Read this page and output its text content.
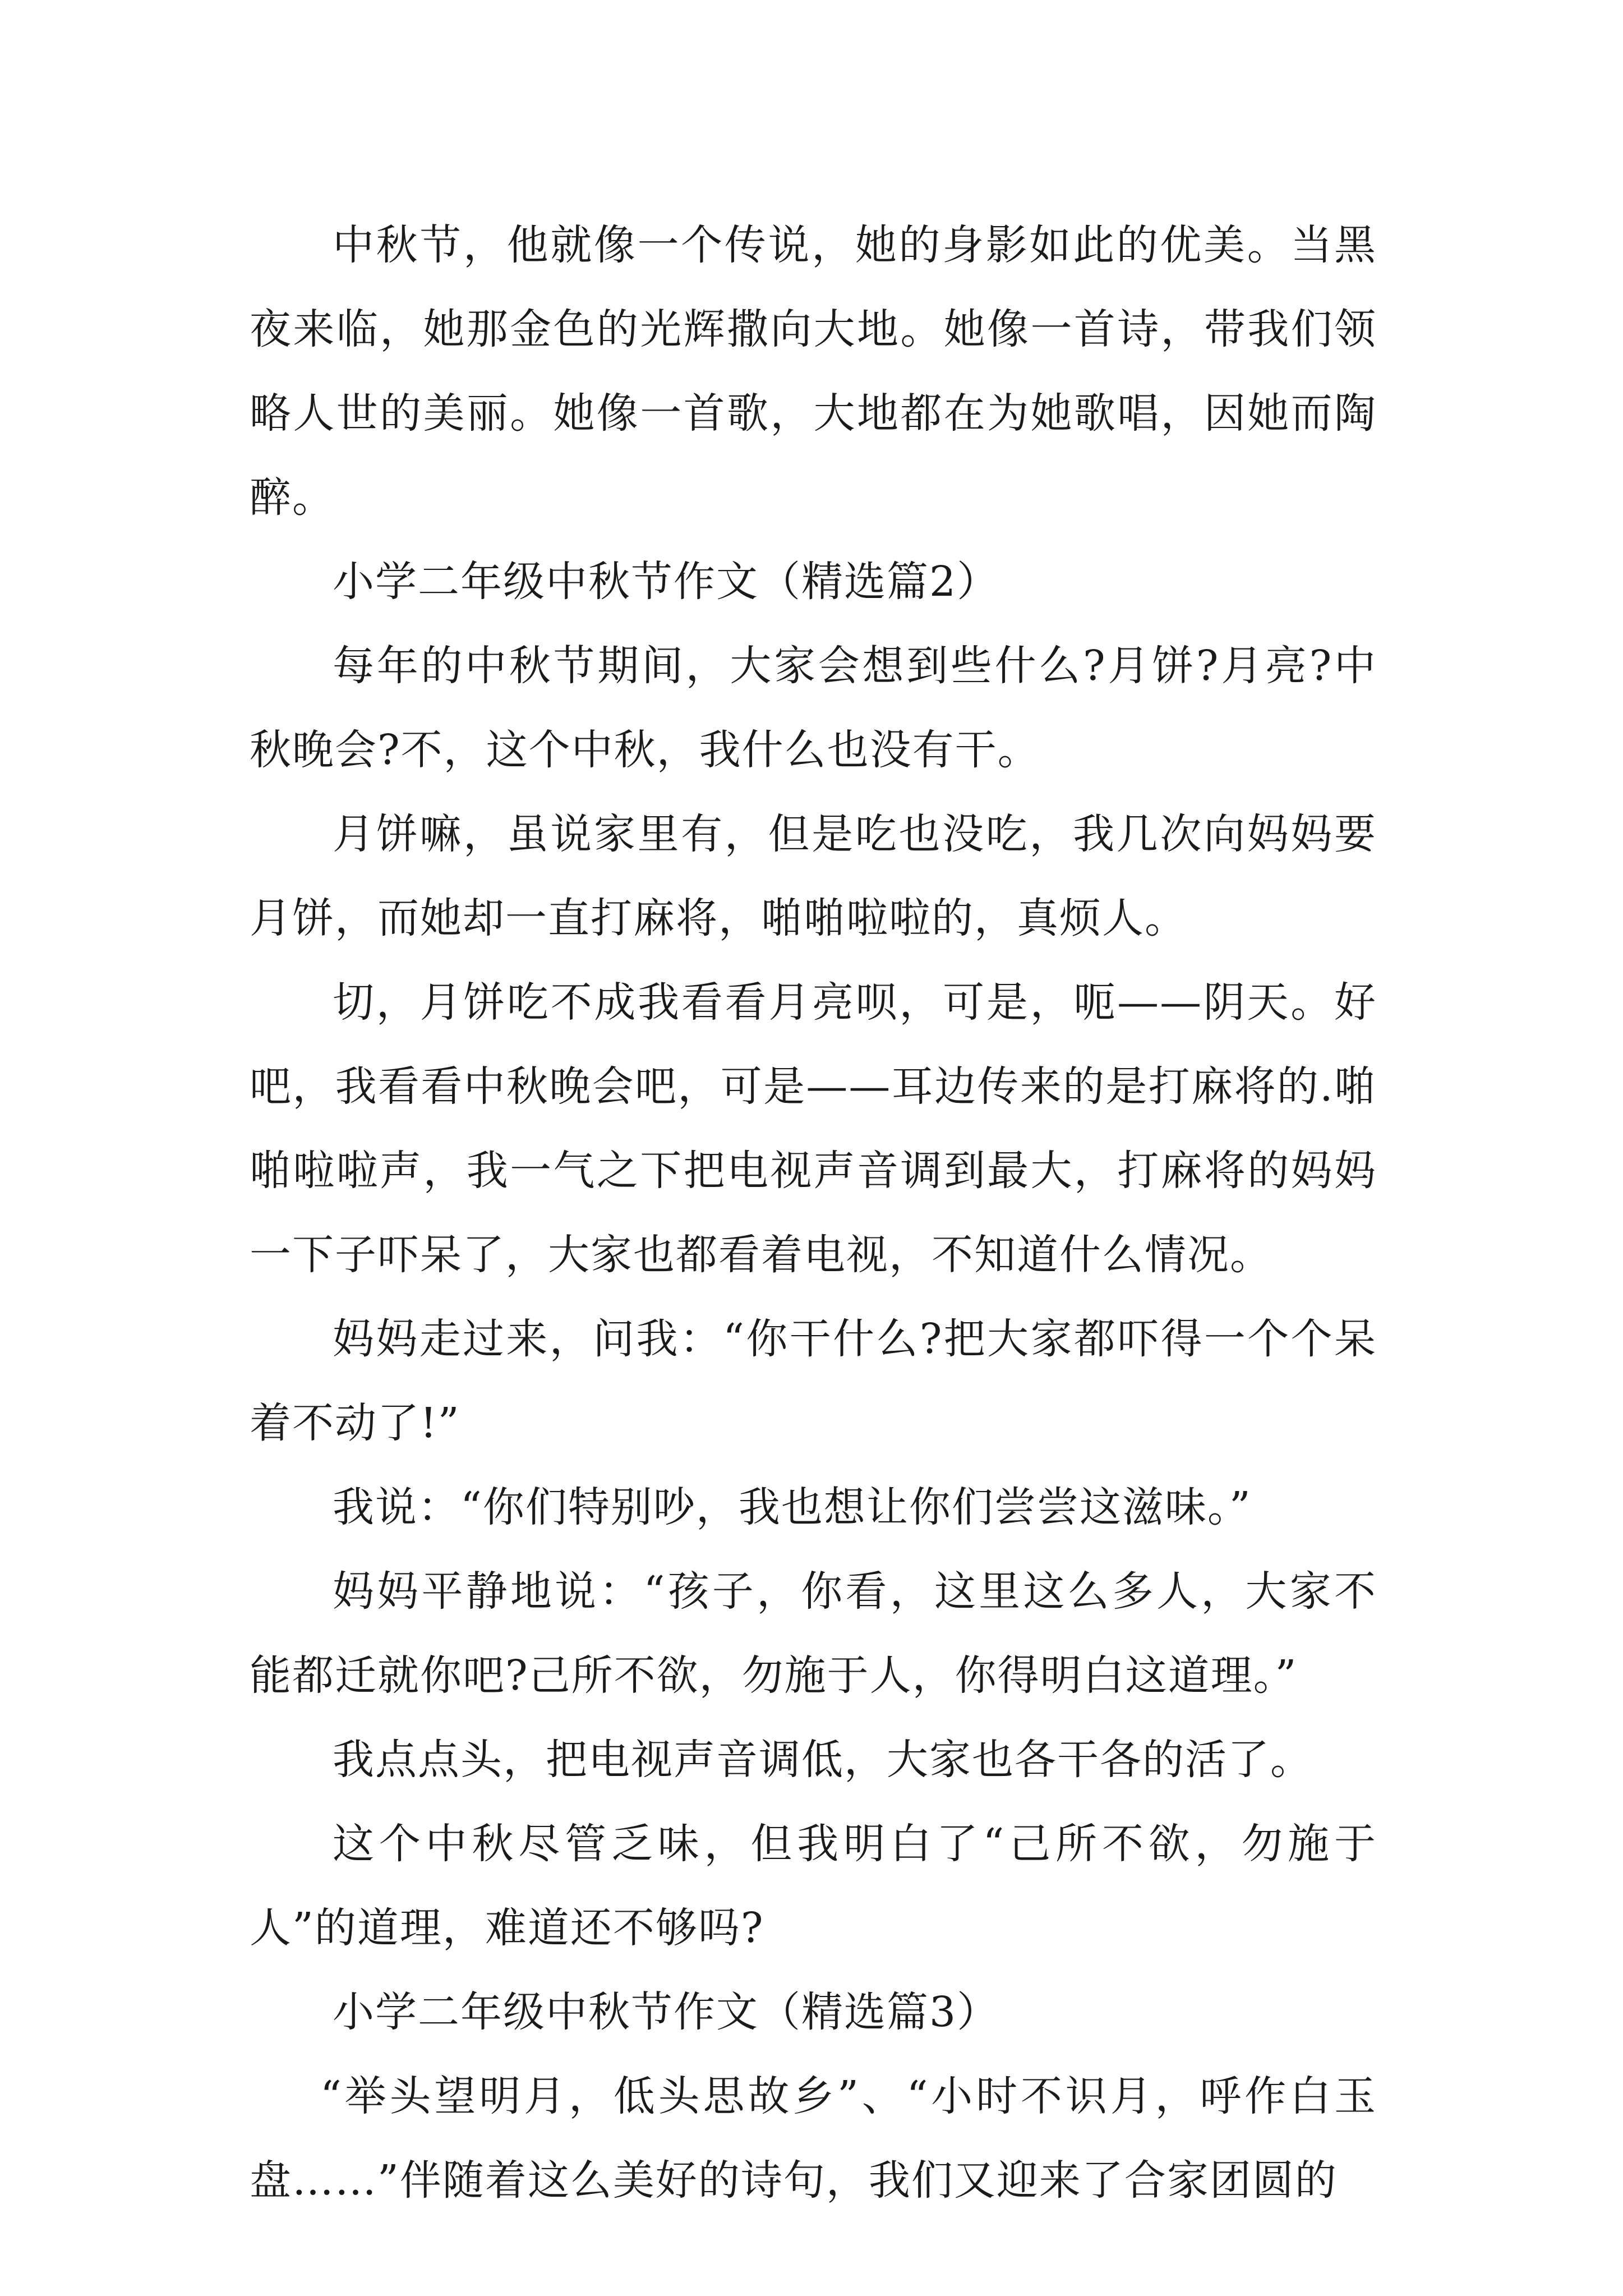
中秋节，他就像一个传说，她的身影如此的优美。当黑夜来临，她那金色的光辉撒向大地。她像一首诗，带我们领略人世的美丽。她像一首歌，大地都在为她歌唱，因她而陶醉。

小学二年级中秋节作文（精选篇2）

每年的中秋节期间，大家会想到些什么?月饼?月亮?中秋晚会?不，这个中秋，我什么也没有干。

月饼嘛，虽说家里有，但是吃也没吃，我几次向妈妈要月饼，而她却一直打麻将，啪啪啦啦的，真烦人。

切，月饼吃不成我看看月亮呗，可是，呃——阴天。好吧，我看看中秋晚会吧，可是——耳边传来的是打麻将的.啪啪啦啦声，我一气之下把电视声音调到最大，打麻将的妈妈一下子吓呆了，大家也都看着电视，不知道什么情况。

妈妈走过来，问我：“你干什么?把大家都吓得一个个呆着不动了!”

我说：“你们特别吵，我也想让你们尝尝这滋味。”

妈妈平静地说：“孩子，你看，这里这么多人，大家不能都迁就你吧?己所不欲，勿施于人，你得明白这道理。”

我点点头，把电视声音调低，大家也各干各的活了。

这个中秋尽管乏味，但我明白了“己所不欲，勿施于人”的道理，难道还不够吗?

小学二年级中秋节作文（精选篇3）

“举头望明月，低头思故乡”、“小时不识月，呼作白玉盘……”伴随着这么美好的诗句，我们又迎来了合家团圆的
